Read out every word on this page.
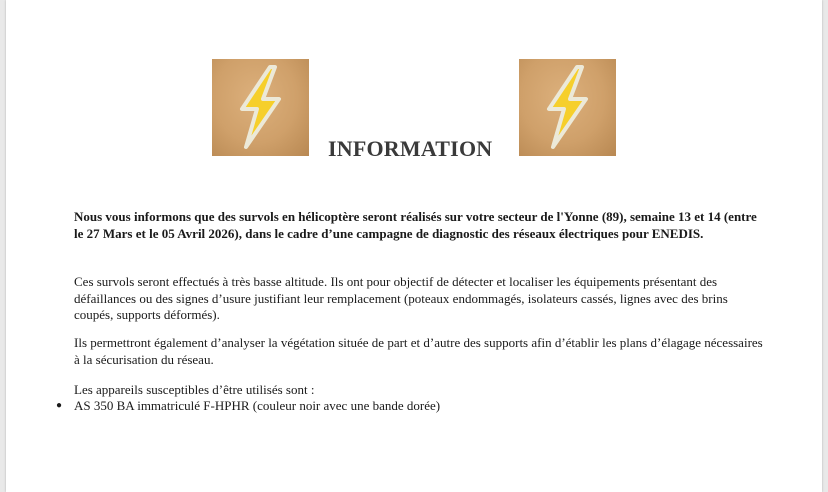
INFORMATION
Nous vous informons que des survols en hélicoptère seront réalisés sur votre secteur de l'Yonne (89), semaine 13 et 14 (entre le 27 Mars et le 05 Avril 2026), dans le cadre d’une campagne de diagnostic des réseaux électriques pour ENEDIS.
Ces survols seront effectués à très basse altitude. Ils ont pour objectif de détecter et localiser les équipements présentant des défaillances ou des signes d’usure justifiant leur remplacement (poteaux endommagés, isolateurs cassés, lignes avec des brins coupés, supports déformés).
Ils permettront également d’analyser la végétation située de part et d’autre des supports afin d’établir les plans d’élagage nécessaires à la sécurisation du réseau.
Les appareils susceptibles d’être utilisés sont :
● AS 350 BA immatriculé F-HPHR (couleur noir avec une bande dorée)
